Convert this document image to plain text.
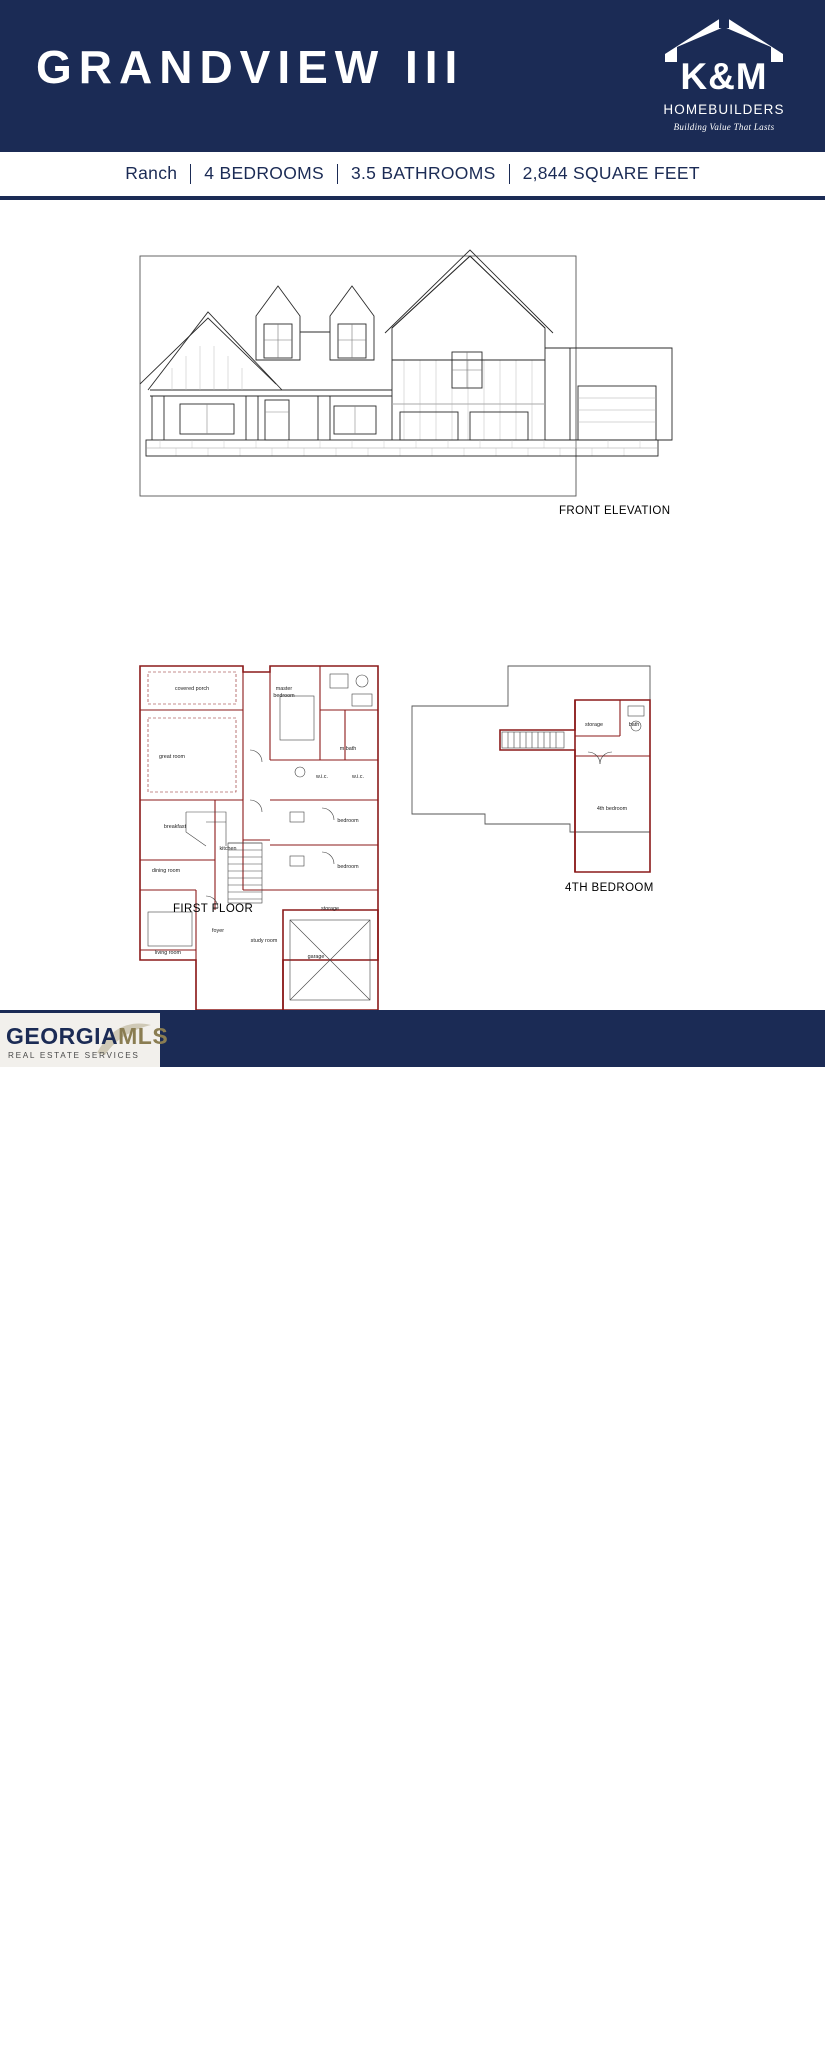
GRANDVIEW III	K&M
HOMEBUILDERS
Building Value That Lasts
Ranch	4 BEDROOMS	3.5 BATHROOMS	2,844 SQUARE FEET
FRONT ELEVATION
covered porch	master
bedroom
great room
m.bath
w.i.c.	w.i.c.
breakfast
kitchen
bedroom
bedroom
dining room
storage
living room
foyer
study room
garage
FIRST FLOOR
storage	bath
4th bedroom
4TH BEDROOM
plans and elevations are subject to change. Square Footage and plan dimensions shown approximate measurements;
actual square footage may differ. 11.18.24
GEORGIAMLS
REAL ESTATE SERVICES
